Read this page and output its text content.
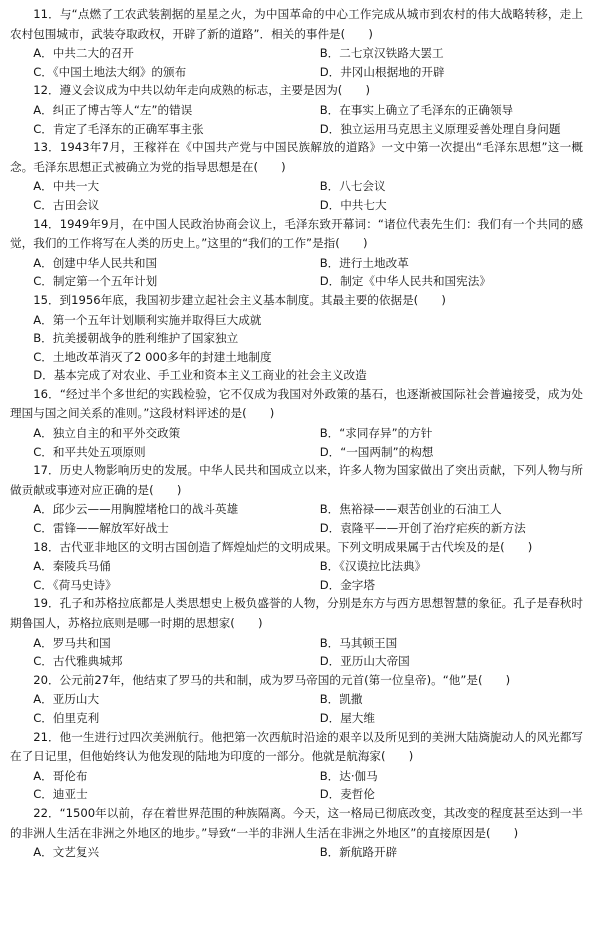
11．与“点燃了工农武装割据的星星之火，为中国革命的中心工作完成从城市到农村的伟大战略转移，走上农村包围城市，武装夺取政权，开辟了新的道路”．相关的事件是(　　)
A．中共二大的召开	B．二七京汉铁路大罢工
C．《中国土地法大纲》的颁布	D．井冈山根据地的开辟
12．遵义会议成为中共以幼年走向成熟的标志，主要是因为(　　)
A．纠正了博古等人“左”的错误	B．在事实上确立了毛泽东的正确领导
C．肯定了毛泽东的正确军事主张	D．独立运用马克思主义原理妥善处理自身问题
13．1943年7月，王稼祥在《中国共产党与中国民族解放的道路》一文中第一次提出“毛泽东思想”这一概念。毛泽东思想正式被确立为党的指导思想是在(　　)
A．中共一大	B．八七会议
C．古田会议	D．中共七大
14．1949年9月，在中国人民政治协商会议上，毛泽东致开幕词：“诸位代表先生们：我们有一个共同的感觉，我们的工作将写在人类的历史上。”这里的“我们的工作”是指(　　)
A．创建中华人民共和国	B．进行土地改革
C．制定第一个五年计划	D．制定《中华人民共和国宪法》
15．到1956年底，我国初步建立起社会主义基本制度。其最主要的依据是(　　)
A．第一个五年计划顺利实施并取得巨大成就
B．抗美援朝战争的胜利维护了国家独立
C．土地改革消灭了2 000多年的封建土地制度
D．基本完成了对农业、手工业和资本主义工商业的社会主义改造
16．“经过半个多世纪的实践检验，它不仅成为我国对外政策的基石，也逐渐被国际社会普遍接受，成为处理国与国之间关系的准则。”这段材料评述的是(　　)
A．独立自主的和平外交政策	B．“求同存异”的方针
C．和平共处五项原则	D．“一国两制”的构想
17．历史人物影响历史的发展。中华人民共和国成立以来，许多人物为国家做出了突出贡献，下列人物与所做贡献或事迹对应正确的是(　　)
A．邱少云——用胸膛堵枪口的战斗英雄	B．焦裕禄——艰苦创业的石油工人
C．雷锋——解放军好战士	D．袁隆平——开创了治疗疟疾的新方法
18．古代亚非地区的文明古国创造了辉煌灿烂的文明成果。下列文明成果属于古代埃及的是(　　)
A．秦陵兵马俑	B．《汉谟拉比法典》
C．《荷马史诗》	D．金字塔
19．孔子和苏格拉底都是人类思想史上极负盛誉的人物，分别是东方与西方思想智慧的象征。孔子是春秋时期鲁国人，苏格拉底则是哪一时期的思想家(　　)
A．罗马共和国	B．马其顿王国
C．古代雅典城邦	D．亚历山大帝国
20．公元前27年，他结束了罗马的共和制，成为罗马帝国的元首(第一位皇帝)。“他”是(　　)
A．亚历山大	B．凯撒
C．伯里克利	D．屋大维
21．他一生进行过四次美洲航行。他把第一次西航时沿途的艰辛以及所见到的美洲大陆旖旎动人的风光都写在了日记里，但他始终认为他发现的陆地为印度的一部分。他就是航海家(　　)
A．哥伦布	B．达·伽马
C．迪亚士	D．麦哲伦
22．“1500年以前，存在着世界范围的种族隔离。今天，这一格局已彻底改变，其改变的程度甚至达到一半的非洲人生活在非洲之外地区的地步。”导致“一半的非洲人生活在非洲之外地区”的直接原因是(　　)
A．文艺复兴	B．新航路开辟
